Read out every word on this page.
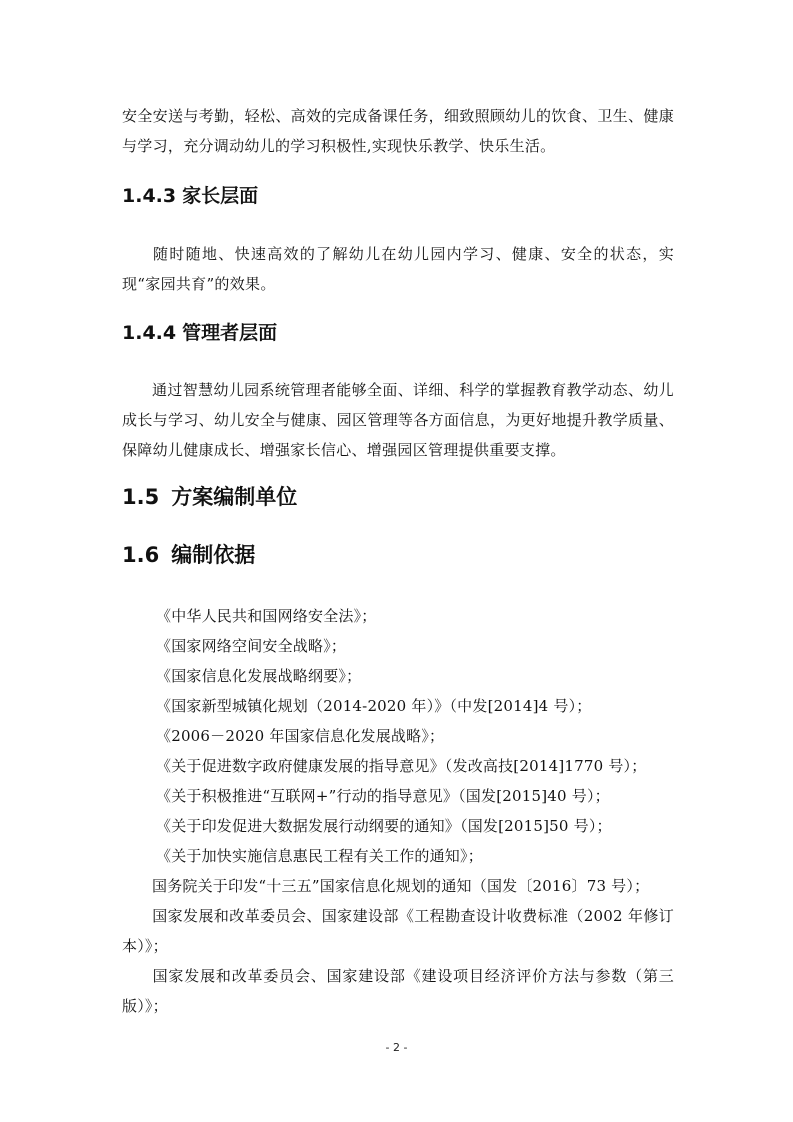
安全安送与考勤，轻松、高效的完成备课任务，细致照顾幼儿的饮食、卫生、健康与学习，充分调动幼儿的学习积极性,实现快乐教学、快乐生活。

1.4.3 家长层面

随时随地、快速高效的了解幼儿在幼儿园内学习、健康、安全的状态，实现“家园共育”的效果。

1.4.4 管理者层面

通过智慧幼儿园系统管理者能够全面、详细、科学的掌握教育教学动态、幼儿成长与学习、幼儿安全与健康、园区管理等各方面信息，为更好地提升教学质量、保障幼儿健康成长、增强家长信心、增强园区管理提供重要支撑。

1.5 方案编制单位
1.6 编制依据
《中华人民共和国网络安全法》；
《国家网络空间安全战略》；
《国家信息化发展战略纲要》；
《国家新型城镇化规划（2014-2020 年）》（中发[2014]4 号）；
《2006－2020 年国家信息化发展战略》；
《关于促进数字政府健康发展的指导意见》（发改高技[2014]1770 号）；
《关于积极推进“互联网+”行动的指导意见》（国发[2015]40 号）；
《关于印发促进大数据发展行动纲要的通知》（国发[2015]50 号）；
《关于加快实施信息惠民工程有关工作的通知》；
国务院关于印发“十三五”国家信息化规划的通知（国发〔2016〕73 号）；

国家发展和改革委员会、国家建设部《工程勘查设计收费标准（2002 年修订本）》；

国家发展和改革委员会、国家建设部《建设项目经济评价方法与参数（第三版）》；

- 2 -
